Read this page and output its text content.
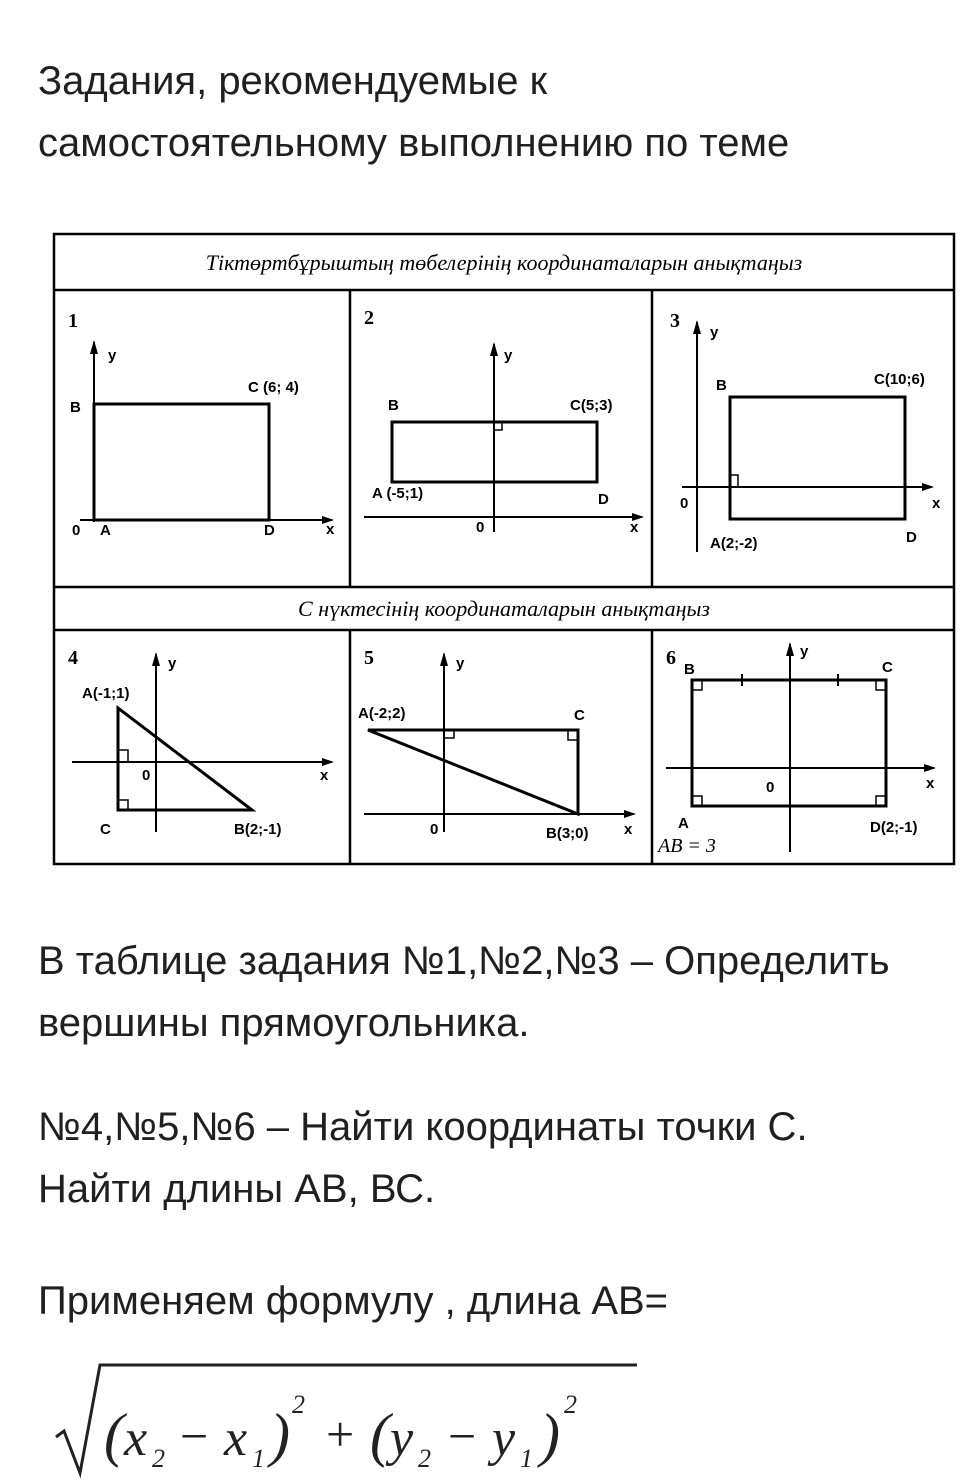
Задания, рекомендуемые к
самостоятельному выполнению по теме
Тіктөртбұрыштың төбелерінің координаталарын анықтаңыз
С нүктесінің координаталарын анықтаңыз
1
y
x
0 A
B
C (6; 4)
D
2
y
x
0
A (-5;1)
B	C(5;3)
D
3
y
x
0
A(2;-2)
B	C(10;6)
D
4	y
x
0
A(-1;1)
B(2;-1)
C
5	y
x
0
A(-2;2)
B(3;0)
C
6	y
x
0
A
B	C
D(2;-1)
AB = 3

В таблице задания №1,№2,№3 – Определить
вершины прямоугольника.

№4,№5,№6 – Найти координаты точки С.
Найти длины АВ, ВС.

Применяем формулу , длина АВ=

( x 2 − x 1 ) 2
+ ( y 2 − y 1 ) 2
